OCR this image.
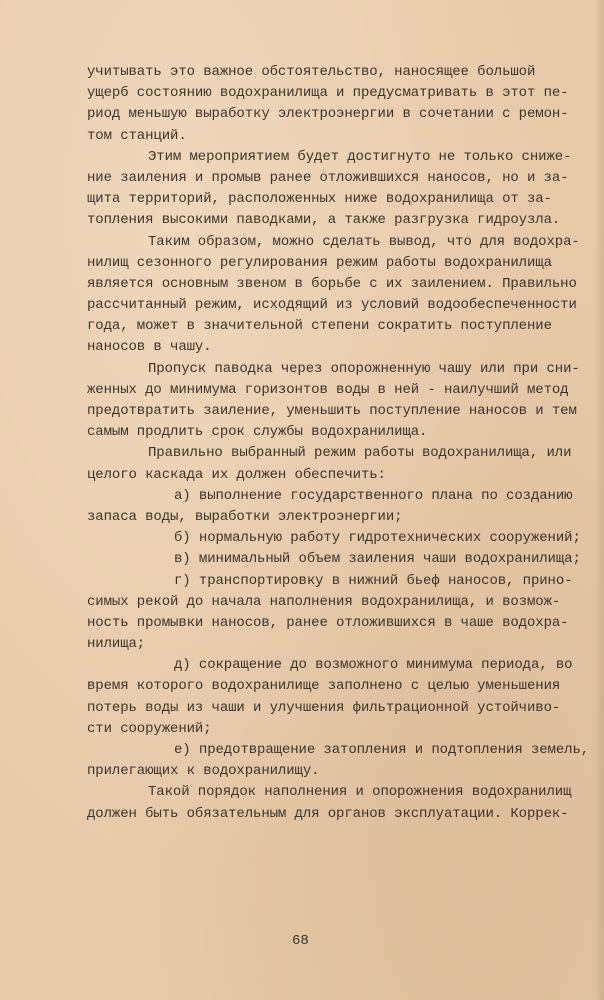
учитывать это важное обстоятельство, наносящее большой
ущерб состоянию водохранилища и предусматривать в этот пе-
риод меньшую выработку электроэнергии в сочетании с ремон-
том станций.
Этим мероприятием будет достигнуто не только сниже-
ние заиления и промыв ранее отложившихся наносов, но и за-
щита территорий, расположенных ниже водохранилища от за-
топления высокими паводками, а также разгрузка гидроузла.
Таким образом, можно сделать вывод, что для водохра-
нилищ сезонного регулирования режим работы водохранилища
является основным звеном в борьбе с их заилением. Правильно
рассчитанный режим, исходящий из условий водообеспеченности
года, может в значительной степени сократить поступление
наносов в чашу.
Пропуск паводка через опорожненную чашу или при сни-
женных до минимума горизонтов воды в ней - наилучший метод
предотвратить заиление, уменьшить поступление наносов и тем
самым продлить срок службы водохранилища.
Правильно выбранный режим работы водохранилища, или
целого каскада их должен обеспечить:
а) выполнение государственного плана по созданию
запаса воды, выработки электроэнергии;
б) нормальную работу гидротехнических сооружений;
в) минимальный объем заиления чаши водохранилища;
г) транспортировку в нижний бьеф наносов, прино-
симых рекой до начала наполнения водохранилища, и возмож-
ность промывки наносов, ранее отложившихся в чаше водохра-
нилища;
д) сокращение до возможного минимума периода, во
время которого водохранилище заполнено с целью уменьшения
потерь воды из чаши и улучшения фильтрационной устойчиво-
сти сооружений;
е) предотвращение затопления и подтопления земель,
прилегающих к водохранилищу.
Такой порядок наполнения и опорожнения водохранилищ
должен быть обязательным для органов эксплуатации. Коррек-
68
